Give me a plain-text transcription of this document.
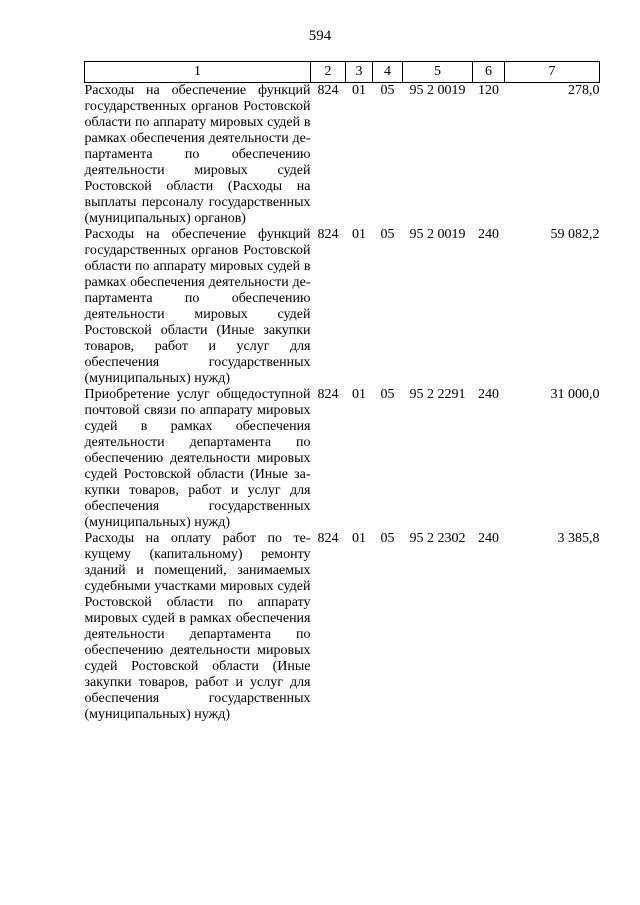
594
1	2	3	4	5	6	7
Расходы на обеспечение функций государственных органов Ростовской области по аппарату мировых судей в рамках обеспечения деятельности департамента по обеспечению деятельности мировых судей Ростовской области (Расходы на выплаты персоналу государственных (муниципальных) органов)	824	01	05	95 2 0019	120	278,0
Расходы на обеспечение функций государственных органов Ростовской области по аппарату мировых судей в рамках обеспечения деятельности департамента по обеспечению деятельности мировых судей Ростовской области (Иные закупки товаров, работ и услуг для обеспечения государственных (муниципальных) нужд)	824	01	05	95 2 0019	240	59 082,2
Приобретение услуг общедоступной почтовой связи по аппарату мировых судей в рамках обеспечения деятельности департамента по обеспечению деятельности мировых судей Ростовской области (Иные закупки товаров, работ и услуг для обеспечения государственных (муниципальных) нужд)	824	01	05	95 2 2291	240	31 000,0
Расходы на оплату работ по текущему (капитальному) ремонту зданий и помещений, занимаемых судебными участками мировых судей Ростовской области по аппарату мировых судей в рамках обеспечения деятельности департамента по обеспечению деятельности мировых судей Ростовской области (Иные закупки товаров, работ и услуг для обеспечения государственных (муниципальных) нужд)	824	01	05	95 2 2302	240	3 385,8
